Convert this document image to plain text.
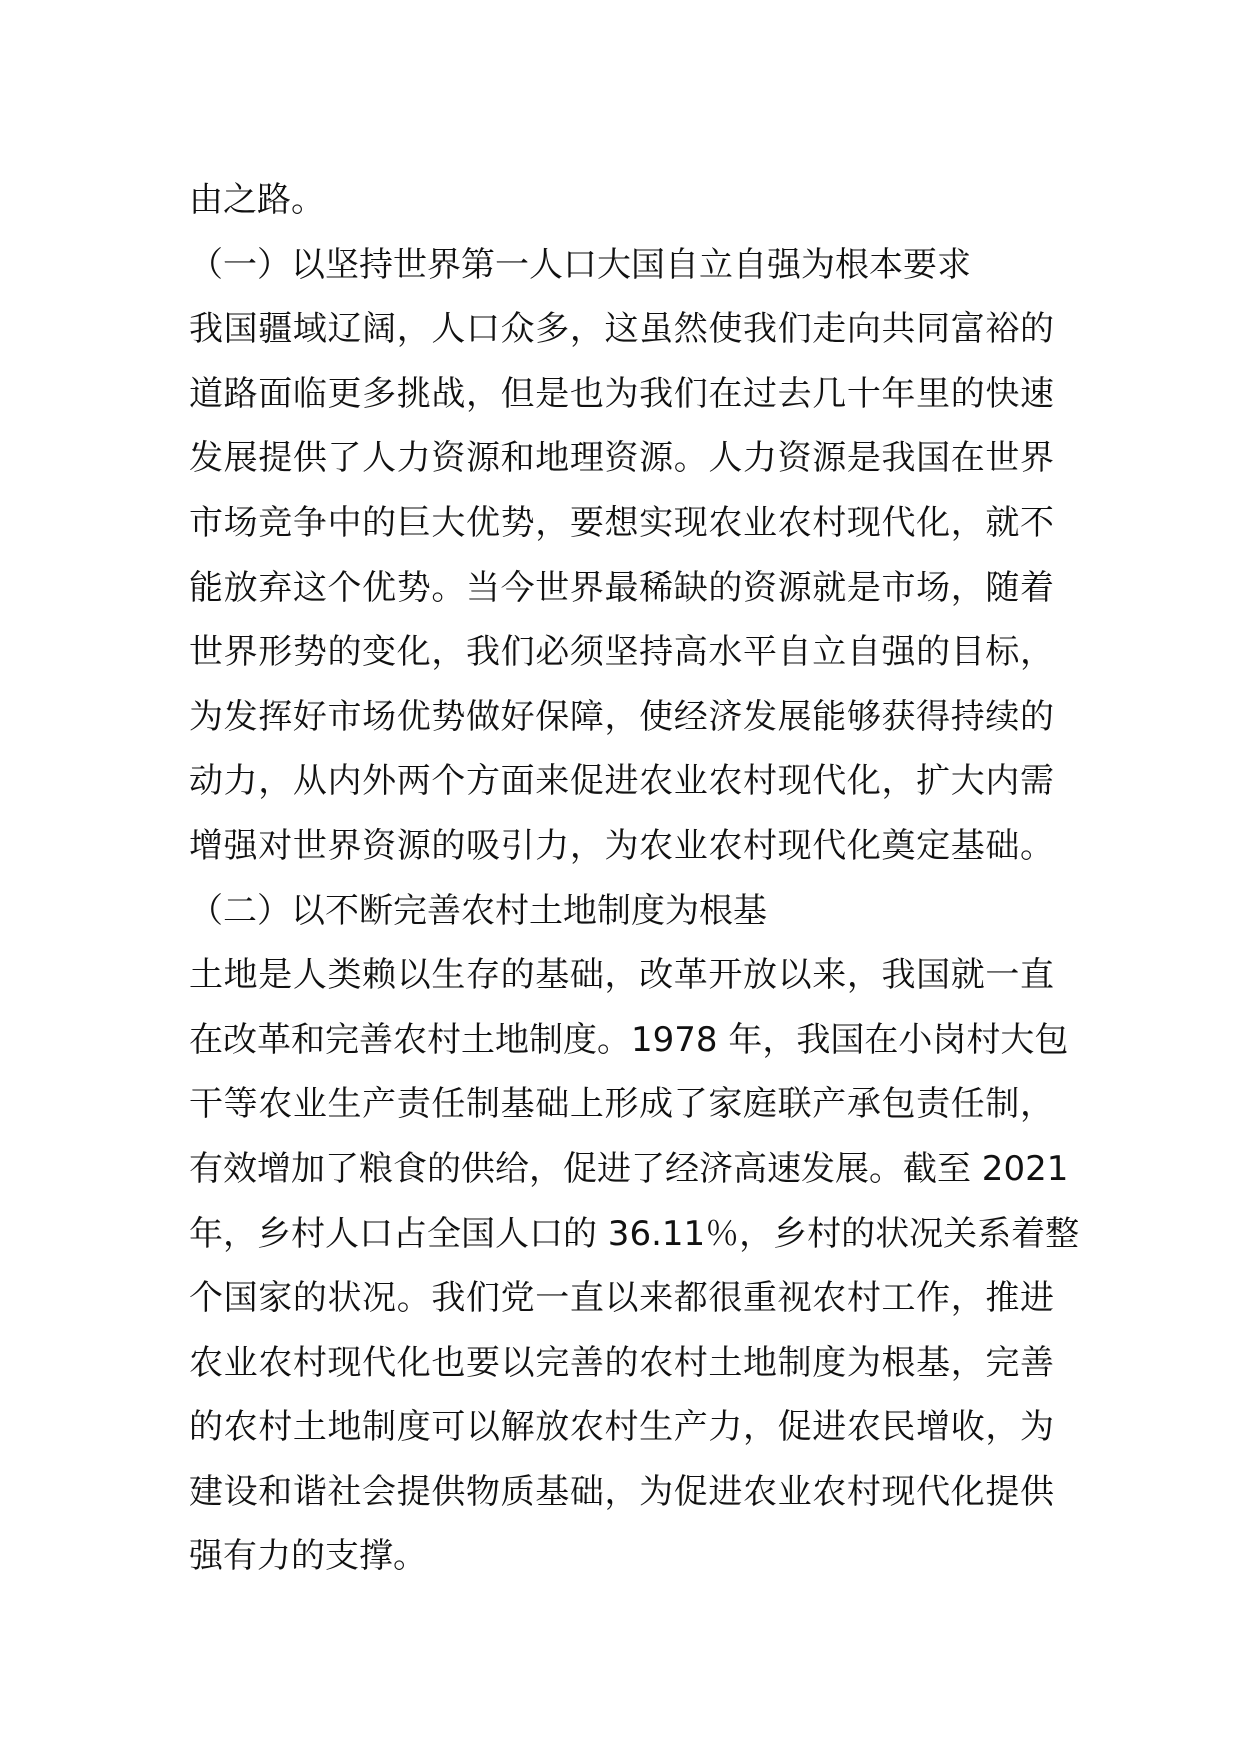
由之路。
（一）以坚持世界第一人口大国自立自强为根本要求
我国疆域辽阔，人口众多，这虽然使我们走向共同富裕的
道路面临更多挑战，但是也为我们在过去几十年里的快速
发展提供了人力资源和地理资源。人力资源是我国在世界
市场竞争中的巨大优势，要想实现农业农村现代化，就不
能放弃这个优势。当今世界最稀缺的资源就是市场，随着
世界形势的变化，我们必须坚持高水平自立自强的目标，
为发挥好市场优势做好保障，使经济发展能够获得持续的
动力，从内外两个方面来促进农业农村现代化，扩大内需
增强对世界资源的吸引力，为农业农村现代化奠定基础。
（二）以不断完善农村土地制度为根基
土地是人类赖以生存的基础，改革开放以来，我国就一直
在改革和完善农村土地制度。1978 年，我国在小岗村大包
干等农业生产责任制基础上形成了家庭联产承包责任制，
有效增加了粮食的供给，促进了经济高速发展。截至 2021
年，乡村人口占全国人口的 36.11％，乡村的状况关系着整
个国家的状况。我们党一直以来都很重视农村工作，推进
农业农村现代化也要以完善的农村土地制度为根基，完善
的农村土地制度可以解放农村生产力，促进农民增收，为
建设和谐社会提供物质基础，为促进农业农村现代化提供
强有力的支撑。
